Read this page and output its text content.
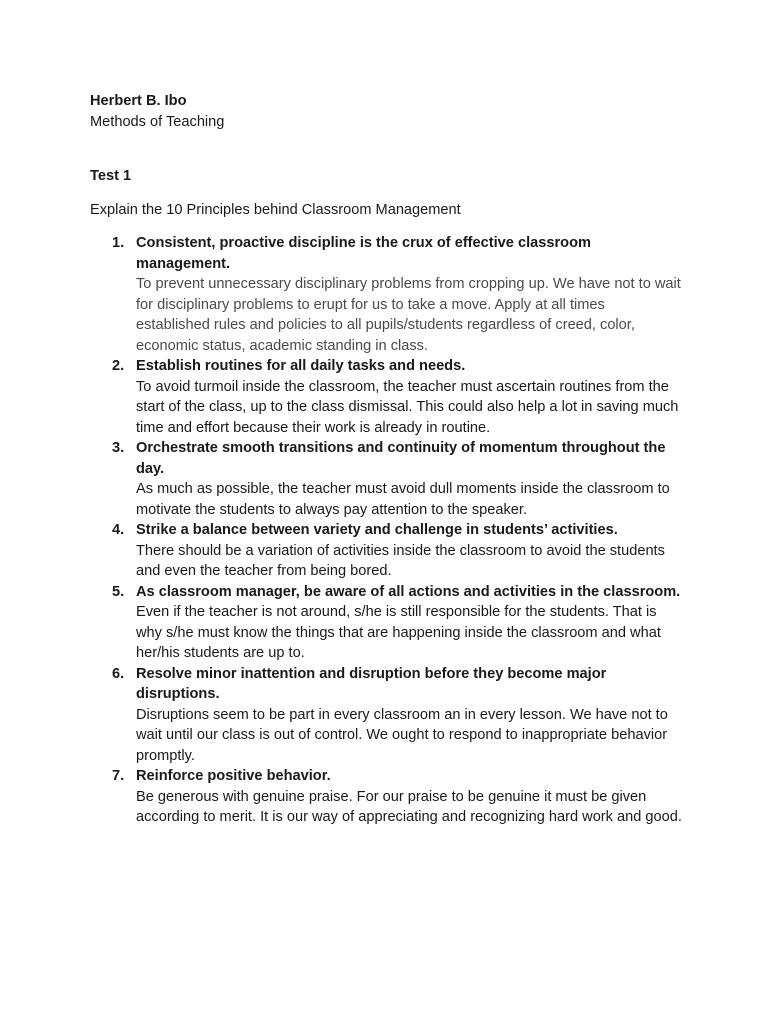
Herbert B. Ibo

Methods of Teaching

Test 1

Explain the 10 Principles behind Classroom Management

1. Consistent, proactive discipline is the crux of effective classroom management.
To prevent unnecessary disciplinary problems from cropping up. We have not to wait for disciplinary problems to erupt for us to take a move. Apply at all times established rules and policies to all pupils/students regardless of creed, color, economic status, academic standing in class.
2. Establish routines for all daily tasks and needs.
To avoid turmoil inside the classroom, the teacher must ascertain routines from the start of the class, up to the class dismissal. This could also help a lot in saving much time and effort because their work is already in routine.
3. Orchestrate smooth transitions and continuity of momentum throughout the day.
As much as possible, the teacher must avoid dull moments inside the classroom to motivate the students to always pay attention to the speaker.
4. Strike a balance between variety and challenge in students’ activities.
There should be a variation of activities inside the classroom to avoid the students and even the teacher from being bored.
5. As classroom manager, be aware of all actions and activities in the classroom.
Even if the teacher is not around, s/he is still responsible for the students. That is why s/he must know the things that are happening inside the classroom and what her/his students are up to.
6. Resolve minor inattention and disruption before they become major disruptions.
Disruptions seem to be part in every classroom an in every lesson. We have not to wait until our class is out of control. We ought to respond to inappropriate behavior promptly.
7. Reinforce positive behavior.
Be generous with genuine praise. For our praise to be genuine it must be given according to merit. It is our way of appreciating and recognizing hard work and good.
